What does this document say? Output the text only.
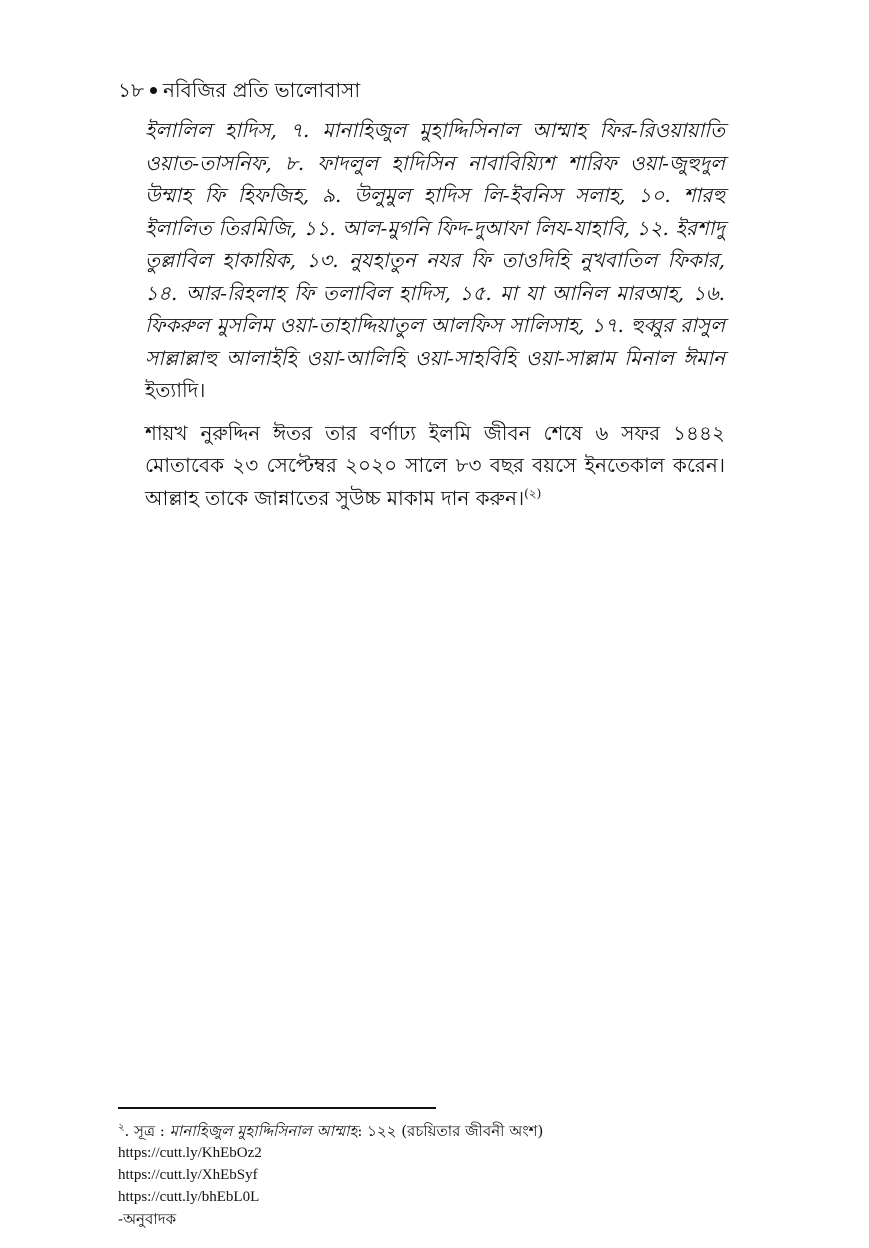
১৮ নবিজির প্রতি ভালোবাসা

ইলালিল হাদিস, ৭. মানাহিজুল মুহাদ্দিসিনাল আম্মাহ ফির-রিওয়ায়াতি ওয়াত-তাসনিফ, ৮. ফাদলুল হাদিসিন নাবাবিয়্যিশ শারিফ ওয়া-জুহুদুল উম্মাহ ফি হিফজিহ, ৯. উলুমুল হাদিস লি-ইবনিস সলাহ, ১০. শারহু ইলালিত তিরমিজি, ১১. আল-মুগনি ফিদ-দুআফা লিয-যাহাবি, ১২. ইরশাদু তুল্লাবিল হাকায়িক, ১৩. নুযহাতুন নযর ফি তাওদিহি নুখবাতিল ফিকার, ১৪. আর-রিহলাহ ফি তলাবিল হাদিস, ১৫. মা যা আনিল মারআহ, ১৬. ফিকরুল মুসলিম ওয়া-তাহাদ্দিয়াতুল আলফিস সালিসাহ, ১৭. হুব্বুর রাসুল সাল্লাল্লাহু আলাইহি ওয়া-আলিহি ওয়া-সাহবিহি ওয়া-সাল্লাম মিনাল ঈমান ইত্যাদি।

শায়খ নুরুদ্দিন ঈতর তার বর্ণাঢ্য ইলমি জীবন শেষে ৬ সফর ১৪৪২ মোতাবেক ২৩ সেপ্টেম্বর ২০২০ সালে ৮৩ বছর বয়সে ইনতেকাল করেন। আল্লাহ তাকে জান্নাতের সুউচ্চ মাকাম দান করুন।$^{(২)}$

$^২$. সূত্র : মানাহিজুল মুহাদ্দিসিনাল আম্মাহ: ১২২ (রচয়িতার জীবনী অংশ)
https://cutt.ly/KhEbOz2
https://cutt.ly/XhEbSyf
https://cutt.ly/bhEbL0L
-অনুবাদক
